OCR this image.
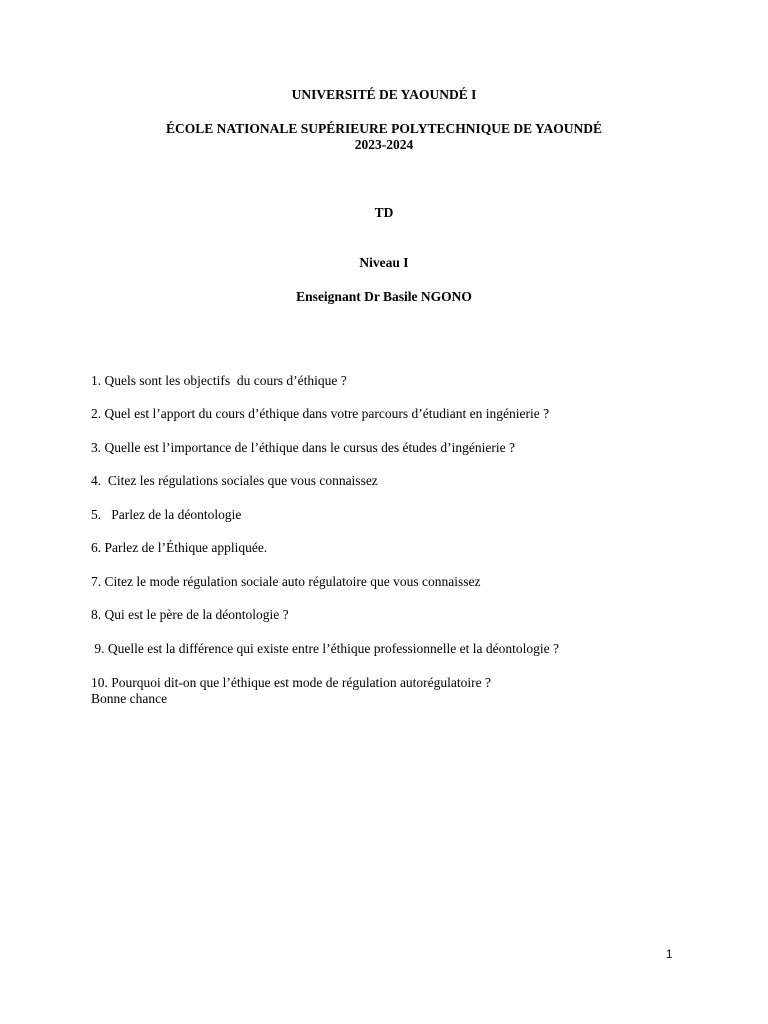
UNIVERSITÉ DE YAOUNDÉ I

ÉCOLE NATIONALE SUPÉRIEURE POLYTECHNIQUE DE YAOUNDÉ

2023-2024

TD

Niveau I

Enseignant Dr Basile NGONO

1. Quels sont les objectifs  du cours d’éthique ?

2. Quel est l’apport du cours d’éthique dans votre parcours d’étudiant en ingénierie ?

3. Quelle est l’importance de l’éthique dans le cursus des études d’ingénierie ?

4.  Citez les régulations sociales que vous connaissez

5.   Parlez de la déontologie

6. Parlez de l’Éthique appliquée.

7. Citez le mode régulation sociale auto régulatoire que vous connaissez

8. Qui est le père de la déontologie ?

9. Quelle est la différence qui existe entre l’éthique professionnelle et la déontologie ?

10. Pourquoi dit-on que l’éthique est mode de régulation autorégulatoire ?

Bonne chance

1
